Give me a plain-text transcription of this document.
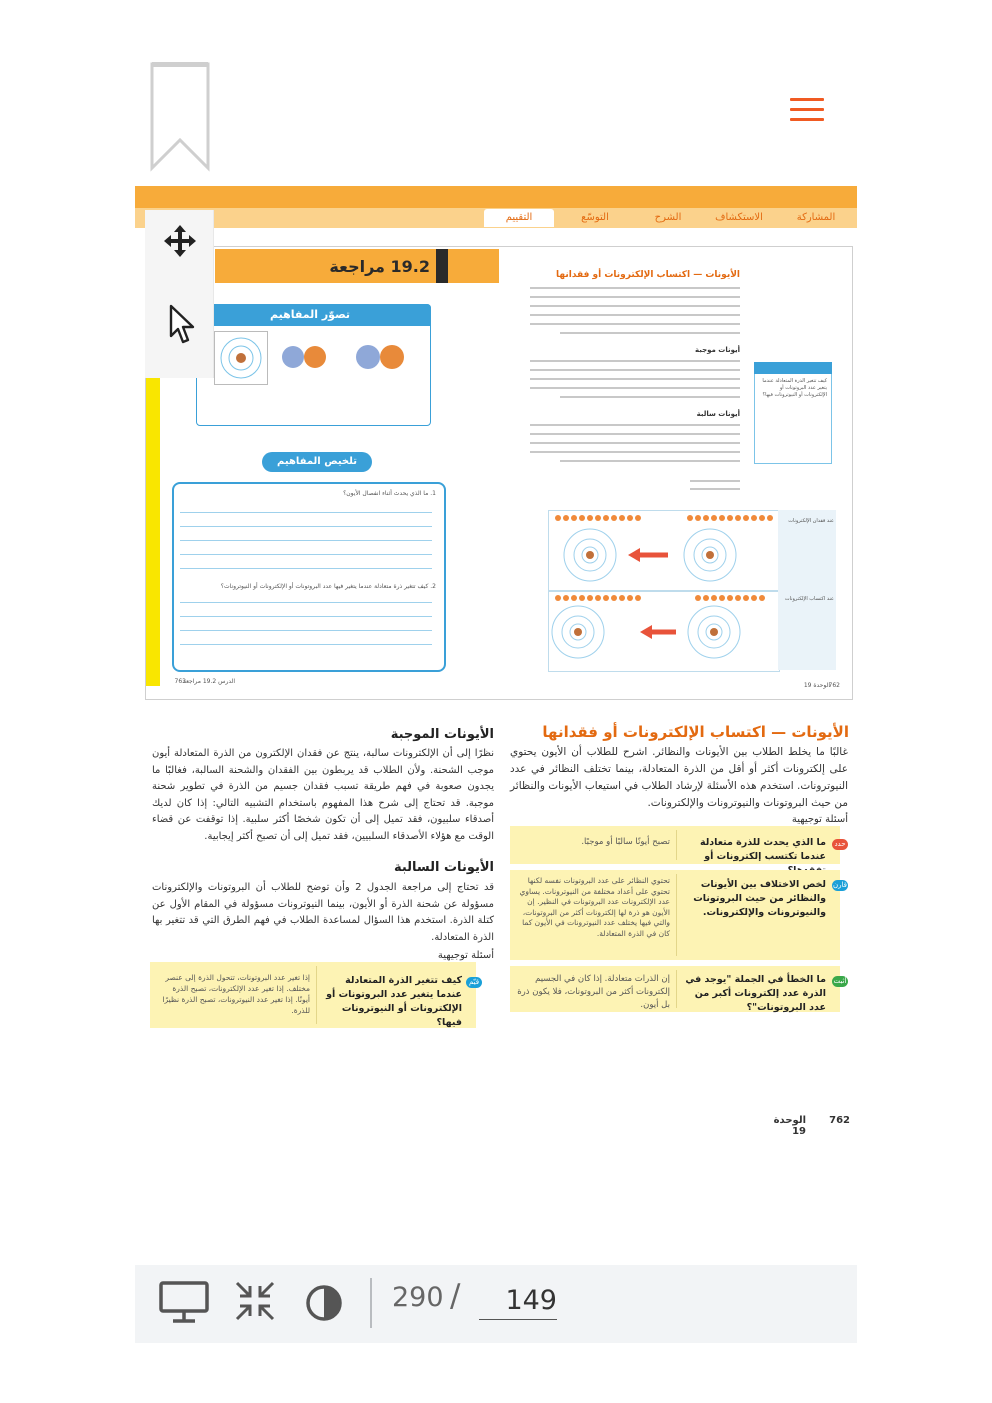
المشاركة
الاستكشاف
الشرح
التوسّع
التقييم
19.2 مراجعة
تصوّر المفاهيم
تلخيص المفاهيم
1. ما الذي يحدث أثناء انفصال الأيون؟
2. كيف تتغير ذرة متعادلة عندما يتغير فيها عدد البروتونات أو الإلكترونات أو النيوترونات؟
الدرس 19.2 مراجعة
763
الأيونات — اكتساب الإلكترونات أو فقدانها
أيونات موجبة
أيونات سالبة
كيف تتغير الذرة المتعادلة عندما يتغير عدد البروتونات أو الإلكترونات أو النيوترونات فيها؟
عند فقدان الإلكترونات
عند اكتساب الإلكترونات
الوحدة 19
762
الأيونات — اكتساب الإلكترونات أو فقدانها
غالبًا ما يخلط الطلاب بين الأيونات والنظائر. اشرح للطلاب أن الأيون يحتوي على إلكترونات أكثر أو أقل من الذرة المتعادلة، بينما تختلف النظائر في عدد النيوترونات. استخدم هذه الأسئلة لإرشاد الطلاب في استيعاب الأيونات والنظائر من حيث البروتونات والنيوترونات والإلكترونات.
أسئلة توجيهية
حدد
ما الذي يحدث للذرة متعادلة عندما تكتسب إلكترونات أو
تصبح أيونًا سالبًا أو موجبًا.
قارن
لخص الاختلاف بين الأيونات والنظائر من حيث البروتونات والنيوترونات والإلكترونات.
تحتوي النظائر على عدد البروتونات نفسه لكنها تحتوي على أعداد مختلفة من النيوترونات. يساوي عدد الإلكترونات عدد البروتونات في النظير. إن الأيون هو ذرة لها إلكترونات أكثر من البروتونات، والتي فيها يختلف عدد النيوترونات في الأيون كما كان في الذرة المتعادلة.
أثبت
ما الخطأ في الجملة "يوجد في الذرة عدد إلكترونات أكبر من عدد البروتونات"؟
إن الذرات متعادلة. إذا كان في الجسيم إلكترونات أكثر من البروتونات، فلا يكون ذرة بل أيون.
الأيونات الموجبة
نظرًا إلى أن الإلكترونات سالبة، ينتج عن فقدان الإلكترون من الذرة المتعادلة أيون موجب الشحنة. ولأن الطلاب قد يربطون بين الفقدان والشحنة السالبة، فغالبًا ما يجدون صعوبة في فهم طريقة تسبب فقدان جسيم من الذرة في تطوير شحنة موجبة. قد تحتاج إلى شرح هذا المفهوم باستخدام التشبيه التالي: إذا كان لديك أصدقاء سلبيون، فقد تميل إلى أن تكون شخصًا أكثر سلبية. إذا توقفت عن قضاء الوقت مع هؤلاء الأصدقاء السلبيين، فقد تميل إلى أن تصبح أكثر إيجابية.
الأيونات السالبة
قد تحتاج إلى مراجعة الجدول 2 وأن توضح للطلاب أن البروتونات والإلكترونات مسؤولة عن شحنة الذرة أو الأيون، بينما النيوترونات مسؤولة في المقام الأول عن كتلة الذرة. استخدم هذا السؤال لمساعدة الطلاب في فهم الطرق التي قد تتغير بها الذرة المتعادلة.
أسئلة توجيهية
قيّم
كيف تتغير الذرة المتعادلة عندما يتغير عدد البروتونات أو الإلكترونات أو النيوترونات فيها؟
إذا تغير عدد البروتونات، تتحول الذرة إلى عنصر مختلف. إذا تغير عدد الإلكترونات، تصبح الذرة أيونًا. إذا تغير عدد النيوترونات، تصبح الذرة نظيرًا للذرة.
الوحدة 19
762
290 /
149
